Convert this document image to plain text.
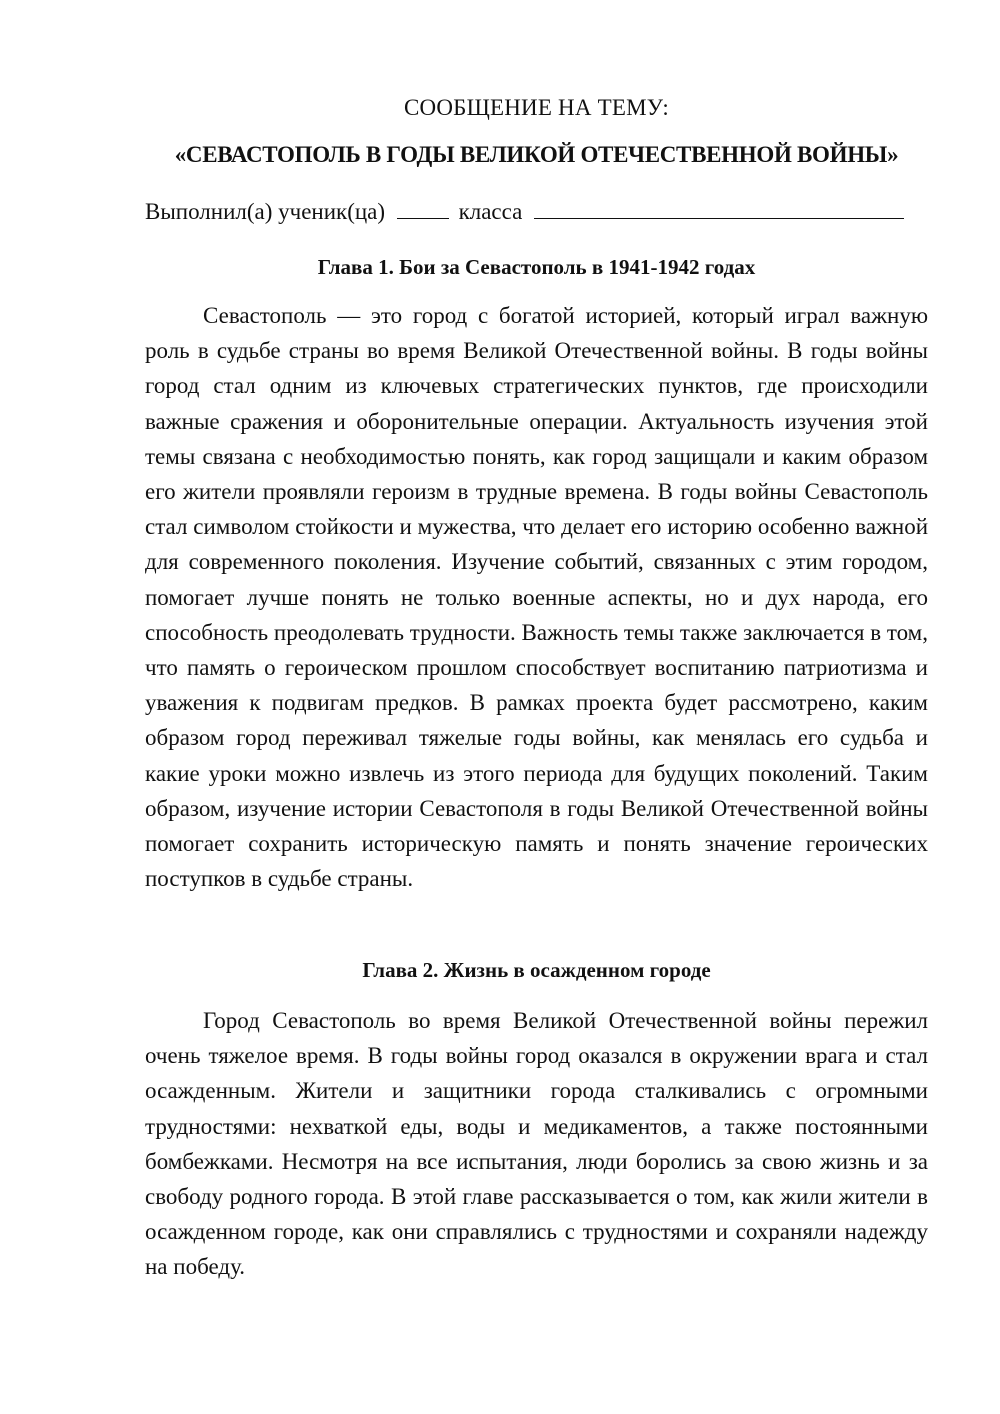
СООБЩЕНИЕ НА ТЕМУ:
«СЕВАСТОПОЛЬ В ГОДЫ ВЕЛИКОЙ ОТЕЧЕСТВЕННОЙ ВОЙНЫ»
Выполнил(а) ученик(ца)	класса
Глава 1. Бои за Севастополь в 1941-1942 годах
Севастополь — это город с богатой историей, который играл важную роль в судьбе страны во время Великой Отечественной войны. В годы войны город стал одним из ключевых стратегических пунктов, где происходили важные сражения и оборонительные операции. Актуальность изучения этой темы связана с необходимостью понять, как город защищали и каким образом его жители проявляли героизм в трудные времена. В годы войны Севастополь стал символом стойкости и мужества, что делает его историю особенно важной для современного поколения. Изучение событий, связанных с этим городом, помогает лучше понять не только военные аспекты, но и дух народа, его способность преодолевать трудности. Важность темы также заключается в том, что память о героическом прошлом способствует воспитанию патриотизма и уважения к подвигам предков. В рамках проекта будет рассмотрено, каким образом город переживал тяжелые годы войны, как менялась его судьба и какие уроки можно извлечь из этого периода для будущих поколений. Таким образом, изучение истории Севастополя в годы Великой Отечественной войны помогает сохранить историческую память и понять значение героических поступков в судьбе страны.
Глава 2. Жизнь в осажденном городе
Город Севастополь во время Великой Отечественной войны пережил очень тяжелое время. В годы войны город оказался в окружении врага и стал осажденным. Жители и защитники города сталкивались с огромными трудностями: нехваткой еды, воды и медикаментов, а также постоянными бомбежками. Несмотря на все испытания, люди боролись за свою жизнь и за свободу родного города. В этой главе рассказывается о том, как жили жители в осажденном городе, как они справлялись с трудностями и сохраняли надежду на победу.
